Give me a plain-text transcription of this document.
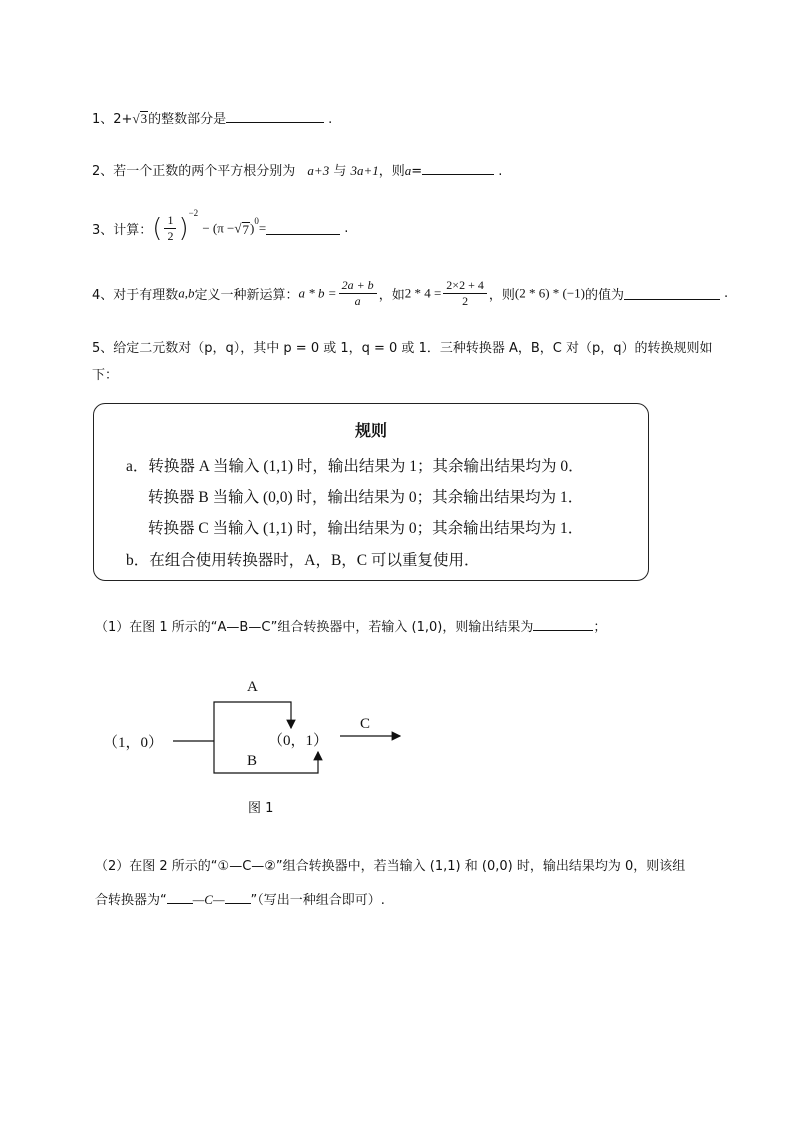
1、2+√3的整数部分是	.
2、若一个正数的两个平方根分别为 a+3 与 3a+1，则a=	.
3、计算：( $\frac{1}{2} )^{-2} - (\pi -√7)^0=$	.
4、对于有理数a,b定义一种新运算：$a * b = \frac{2a + b}{a}$ ，如$2 * 4 = \frac{2\times 2 + 4}{2}$ ，则(2 * 6) * (−1)的值为	.
5、给定二元数对（p，q），其中 p = 0 或 1，q = 0 或 1．三种转换器 A，B，C 对（p，q）的转换规则如
下：
规则
a．转换器 A 当输入 (1,1) 时，输出结果为 1；其余输出结果均为 0．
转换器 B 当输入 (0,0) 时，输出结果为 0；其余输出结果均为 1．
转换器 C 当输入 (1,1) 时，输出结果为 0；其余输出结果均为 1．
b．在组合使用转换器时，A，B，C 可以重复使用．
（1）在图 1 所示的“A—B—C”组合转换器中，若输入 (1,0)，则输出结果为	；
（1，0）
A
B
（0，1）
C
图 1
（2）在图 2 所示的“①—C—②”组合转换器中，若当输入 (1,1) 和 (0,0) 时，输出结果均为 0，则该组
合转换器为“ —C— ”（写出一种组合即可）.
